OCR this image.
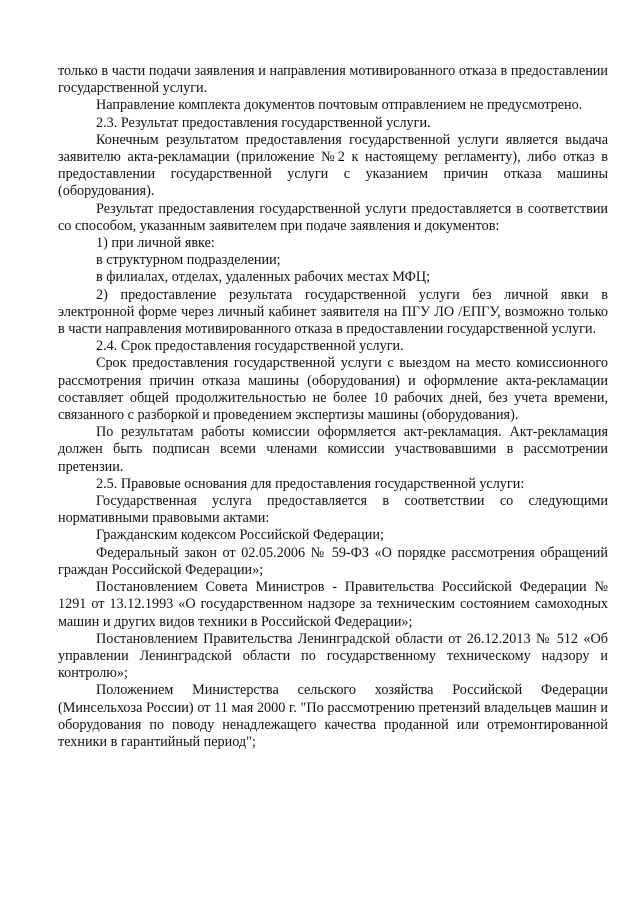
только в части подачи заявления и направления мотивированного отказа в предоставлении государственной услуги.

Направление комплекта документов почтовым отправлением не предусмотрено.

2.3. Результат предоставления государственной услуги.

Конечным результатом предоставления государственной услуги является выдача заявителю акта-рекламации (приложение №2 к настоящему регламенту), либо отказ в предоставлении государственной услуги с указанием причин отказа машины (оборудования).

Результат предоставления государственной услуги предоставляется в соответствии со способом, указанным заявителем при подаче заявления и документов:

1) при личной явке:

в структурном подразделении;

в филиалах, отделах, удаленных рабочих местах МФЦ;

2) предоставление результата государственной услуги без личной явки в электронной форме через личный кабинет заявителя на ПГУ ЛО /ЕПГУ, возможно только в части направления мотивированного отказа в предоставлении государственной услуги.

2.4. Срок предоставления государственной услуги.

Срок предоставления государственной услуги с выездом на место комиссионного рассмотрения причин отказа машины (оборудования) и оформление акта-рекламации составляет общей продолжительностью не более 10 рабочих дней, без учета времени, связанного с разборкой и проведением экспертизы машины (оборудования).

По результатам работы комиссии оформляется акт-рекламация. Акт-рекламация должен быть подписан всеми членами комиссии участвовавшими в рассмотрении претензии.

2.5. Правовые основания для предоставления государственной услуги:

Государственная услуга предоставляется в соответствии со следующими нормативными правовыми актами:

Гражданским кодексом Российской Федерации;

Федеральный закон от 02.05.2006 № 59-ФЗ «О порядке рассмотрения обращений граждан Российской Федерации»;

Постановлением Совета Министров - Правительства Российской Федерации № 1291 от 13.12.1993 «О государственном надзоре за техническим состоянием самоходных машин и других видов техники в Российской Федерации»;

Постановлением Правительства Ленинградской области от 26.12.2013 № 512 «Об управлении Ленинградской области по государственному техническому надзору и контролю»;

Положением Министерства сельского хозяйства Российской Федерации (Минсельхоза России) от 11 мая 2000 г. "По рассмотрению претензий владельцев машин и оборудования по поводу ненадлежащего качества проданной или отремонтированной техники в гарантийный период";
